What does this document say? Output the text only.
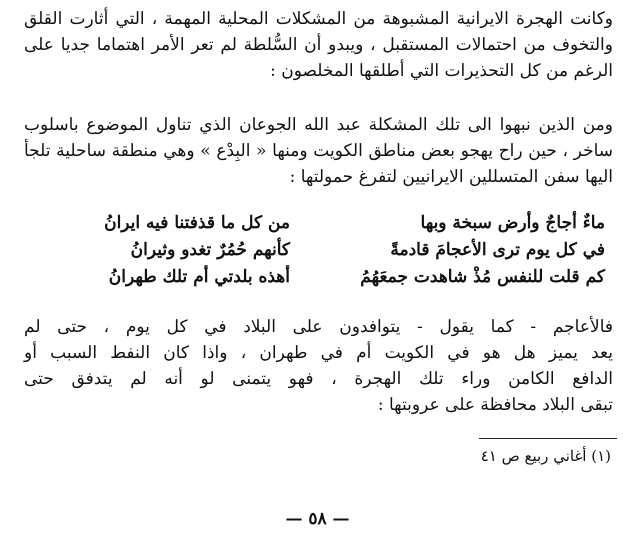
وكانت الهجرة الايرانية المشبوهة من المشكلات المحلية المهمة ، التي أثارت القلق
والتخوف من احتمالات المستقبل ، ويبدو أن السُّلطة لم تعر الأمر اهتماما جديا على
الرغم من كل التحذيرات التي أطلقها المخلصون :
ومن الذين نبهوا الى تلك المشكلة عبد الله الجوعان الذي تناول الموضوع باسلوب
ساخر ، حين راح يهجو بعض مناطق الكويت ومنها « البِدْع » وهي منطقة ساحلية تلجأ
اليها سفن المتسللين الايرانيين لتفرغ حمولتها :
ماءٌ أجاجٌ وأرض سبخة وبها
من كل ما قذفتنا فيه ايرانُ
في كل يوم ترى الأعجامَ قادمةً
كأنهم حُمُرٌ تغدو وثيرانُ
كم قلت للنفس مُذْ شاهدت جمعَهُمُ
أهذه بلدتي أم تلك طهرانُ
فالأعاجم - كما يقول - يتوافدون على البلاد في كل يوم ، حتى لم
يعد يميز هل هو في الكويت أم في طهران ، واذا كان النفط السبب أو
الدافع الكامن وراء تلك الهجرة ، فهو يتمنى لو أنه لم يتدفق حتى
تبقى البلاد محافظة على عروبتها :
(١) أغاني ربيع ص ٤١
— ٥٨ —
